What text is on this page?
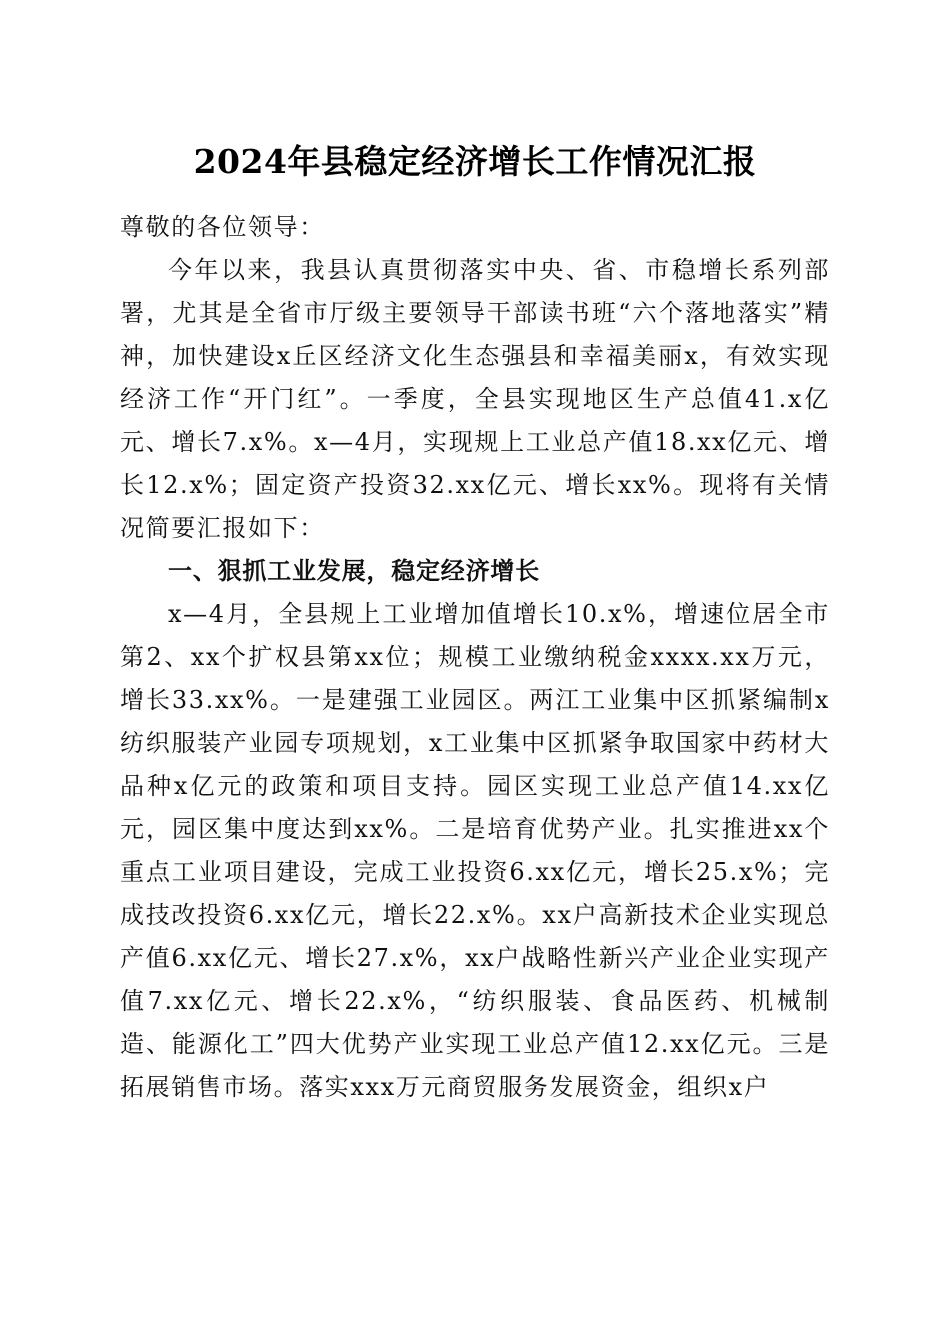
2024年县稳定经济增长工作情况汇报

尊敬的各位领导：

今年以来，我县认真贯彻落实中央、省、市稳增长系列部署，尤其是全省市厅级主要领导干部读书班“六个落地落实”精神，加快建设x丘区经济文化生态强县和幸福美丽x，有效实现经济工作“开门红”。一季度，全县实现地区生产总值41.x亿元、增长7.x%。x—4月，实现规上工业总产值18.xx亿元、增长12.x%；固定资产投资32.xx亿元、增长xx%。现将有关情况简要汇报如下：

一、狠抓工业发展，稳定经济增长

x—4月，全县规上工业增加值增长10.x%，增速位居全市第2、xx个扩权县第xx位；规模工业缴纳税金xxxx.xx万元，增长33.xx%。一是建强工业园区。两江工业集中区抓紧编制x纺织服装产业园专项规划，x工业集中区抓紧争取国家中药材大品种x亿元的政策和项目支持。园区实现工业总产值14.xx亿元，园区集中度达到xx%。二是培育优势产业。扎实推进xx个重点工业项目建设，完成工业投资6.xx亿元，增长25.x%；完成技改投资6.xx亿元，增长22.x%。xx户高新技术企业实现总产值6.xx亿元、增长27.x%，xx户战略性新兴产业企业实现产值7.xx亿元、增长22.x%，“纺织服装、食品医药、机械制造、能源化工”四大优势产业实现工业总产值12.xx亿元。三是拓展销售市场。落实xxx万元商贸服务发展资金，组织x户
